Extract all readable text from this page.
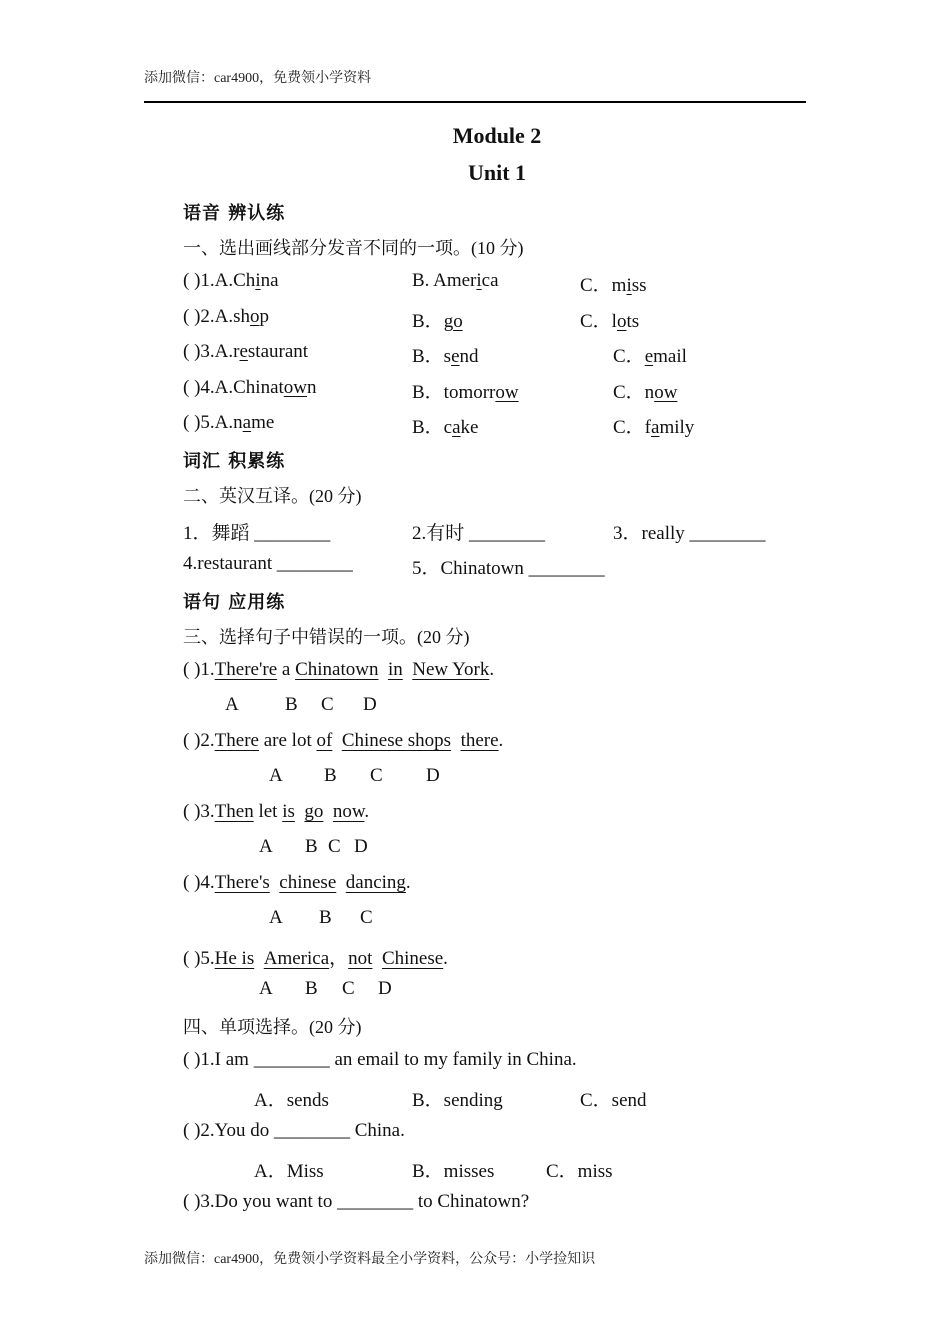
添加微信：car4900，免费领小学资料
Module 2
Unit 1
语音 辨认练
一、选出画线部分发音不同的一项。(10 分)
( )1.A.China	B. America	C．miss
( )2.A.shop	B．go	C．lots
( )3.A.restaurant	B．send	C．email
( )4.A.Chinatown	B．tomorrow	C．now
( )5.A.name	B．cake	C．family
词汇 积累练
二、英汉互译。(20 分)
1．舞蹈 ________	2.有时 ________	3．really ________
4.restaurant ________	5．Chinatown ________
语句 应用练
三、选择句子中错误的一项。(20 分)
( )1.There're a Chinatown in New York.
A B C D
( )2.There are lot of Chinese shops there.
A B C D
( )3.Then let is go now.
A B C D
( )4.There's chinese dancing.
A B C
( )5.He is America，not Chinese.
A B C D
四、单项选择。(20 分)
( )1.I am ________ an email to my family in China.
A．sends	B．sending	C．send
( )2.You do ________ China.
A．Miss	B．misses	C．miss
( )3.Do you want to ________ to Chinatown?
添加微信：car4900，免费领小学资料最全小学资料，公众号：小学捡知识
